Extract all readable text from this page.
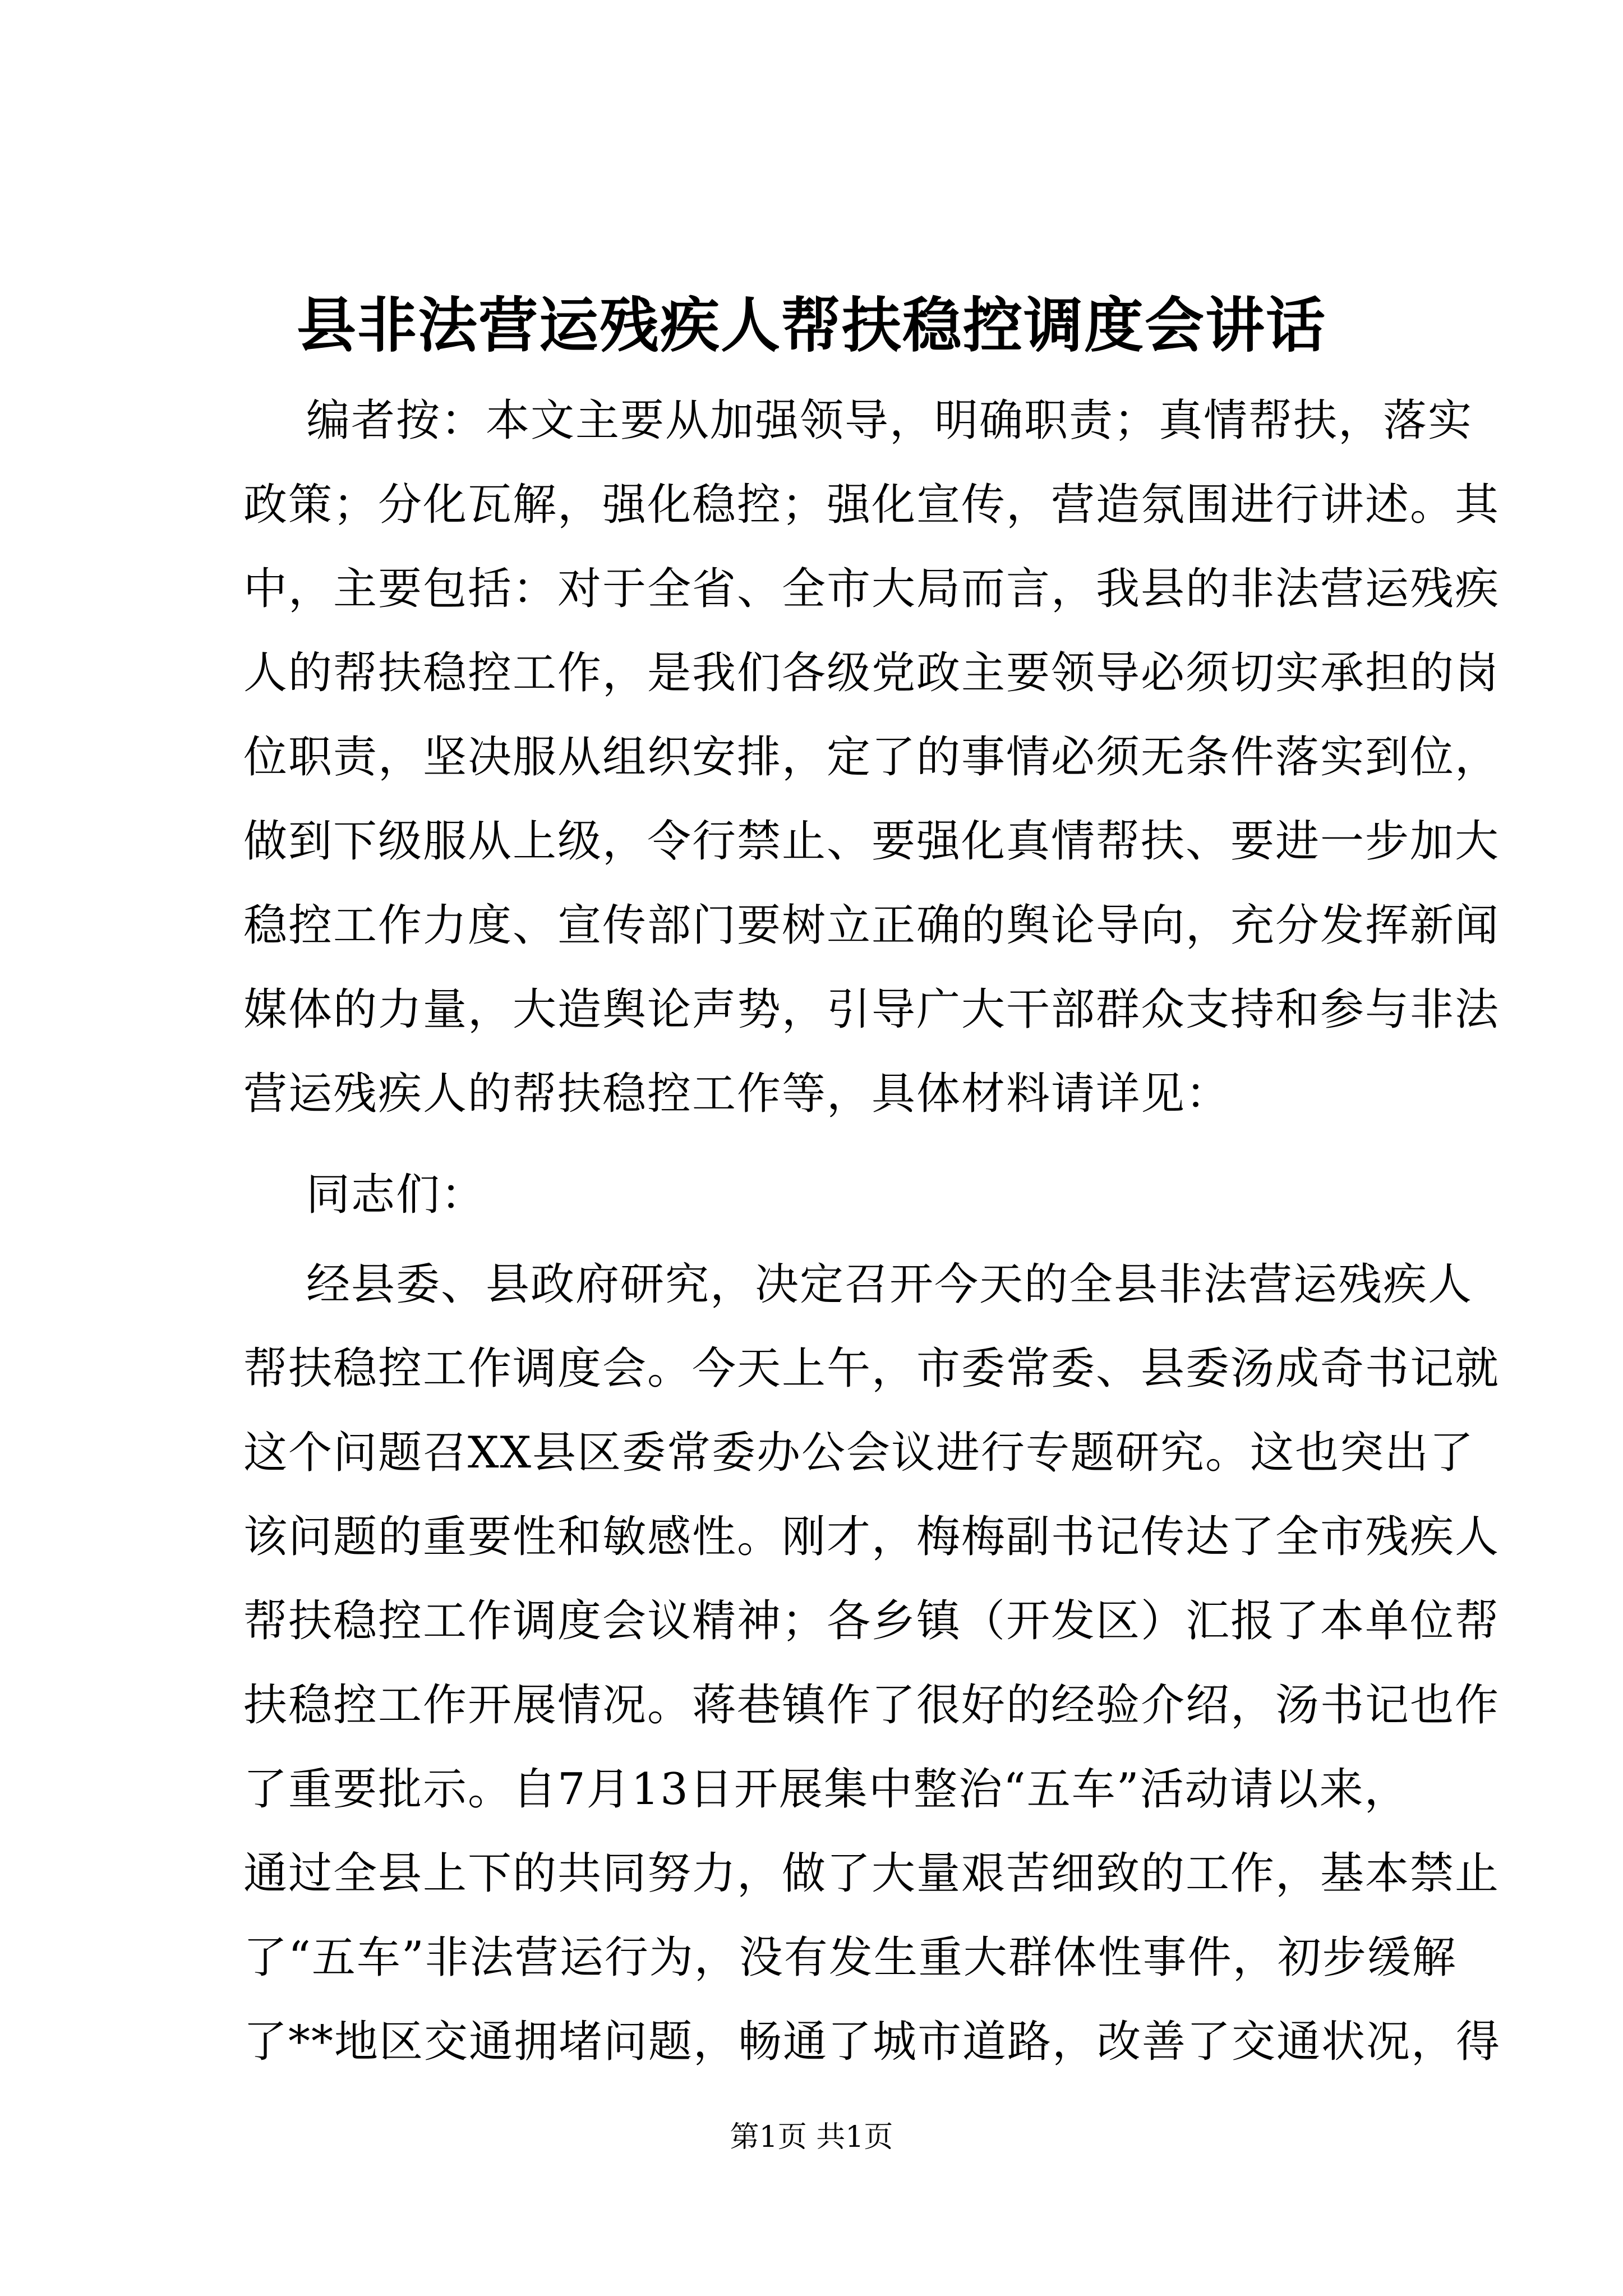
县非法营运残疾人帮扶稳控调度会讲话
编者按：本文主要从加强领导，明确职责；真情帮扶，落实
政策；分化瓦解，强化稳控；强化宣传，营造氛围进行讲述。其
中，主要包括：对于全省、全市大局而言，我县的非法营运残疾
人的帮扶稳控工作，是我们各级党政主要领导必须切实承担的岗
位职责，坚决服从组织安排，定了的事情必须无条件落实到位，
做到下级服从上级，令行禁止、要强化真情帮扶、要进一步加大
稳控工作力度、宣传部门要树立正确的舆论导向，充分发挥新闻
媒体的力量，大造舆论声势，引导广大干部群众支持和参与非法
营运残疾人的帮扶稳控工作等，具体材料请详见：
同志们：
经县委、县政府研究，决定召开今天的全县非法营运残疾人
帮扶稳控工作调度会。今天上午，市委常委、县委汤成奇书记就
这个问题召XX县区委常委办公会议进行专题研究。这也突出了
该问题的重要性和敏感性。刚才，梅梅副书记传达了全市残疾人
帮扶稳控工作调度会议精神；各乡镇（开发区）汇报了本单位帮
扶稳控工作开展情况。蒋巷镇作了很好的经验介绍，汤书记也作
了重要批示。自7月13日开展集中整治“五车”活动请以来，
通过全县上下的共同努力，做了大量艰苦细致的工作，基本禁止
了“五车”非法营运行为，没有发生重大群体性事件，初步缓解
了**地区交通拥堵问题，畅通了城市道路，改善了交通状况，得
第1页 共1页
